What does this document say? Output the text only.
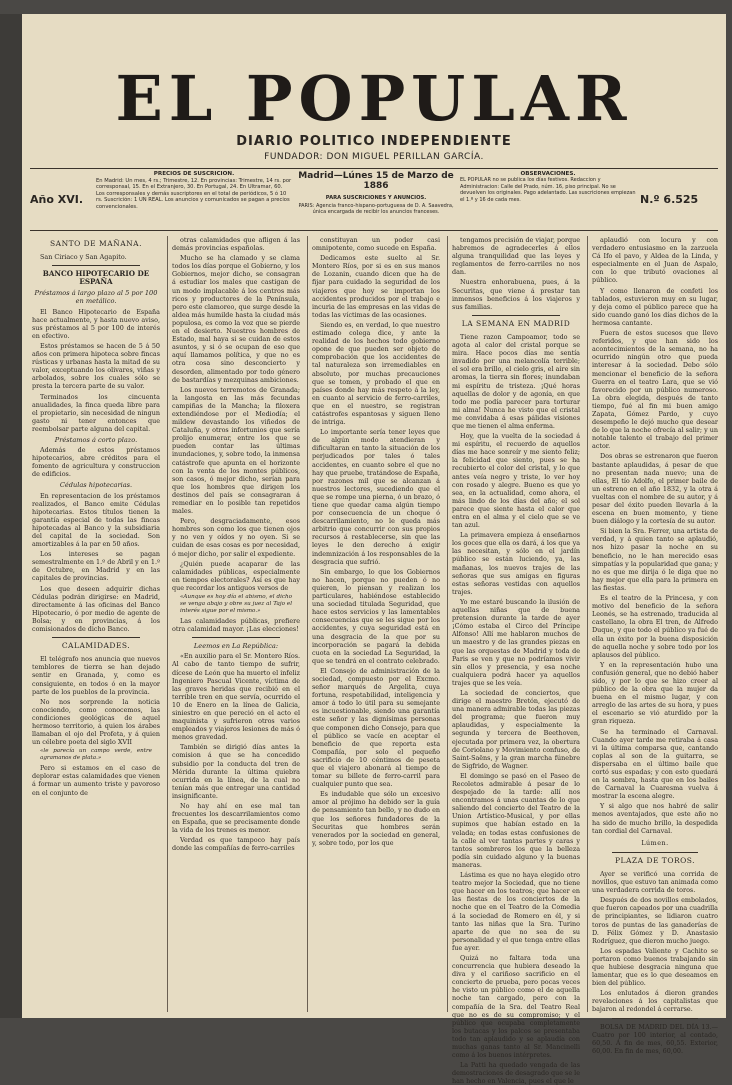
EL POPULAR
DIARIO POLITICO INDEPENDIENTE
FUNDADOR: DON MIGUEL PERILLAN GARCÍA.
Año XVI.
PRECIOS DE SUSCRICION.
En Madrid: Un mes, 4 rs.; Trimestre, 12. En provincias: Trimestre, 14 rs. por corresponsal, 15. En el Extranjero, 30. En Portugal, 24. En Ultramar, 60. Los corresponsales y demás suscriptores en el total de periódicos, 5 ó 10 rs. Suscrición: 1 UN REAL. Los anuncios y comunicados se pagan a precios convencionales.
Madrid—Lúnes 15 de Marzo de 1886
PARA SUSCRICIONES Y ANUNCIOS.
PARIS: Agencia franco-hispano-portuguesa de D. A. Saavedra, única encargada de recibir los anuncios franceses.
OBSERVACIONES.
EL POPULAR no se publica los días festivos. Redaccion y Administracion: Calle del Prado, núm. 16, piso principal. No se devuelven los originales. Pago adelantado. Las suscriciones empiezan el 1.º y 16 de cada mes.	N.º 6.525
SANTO DE MAÑANA.

San Ciriaco y San Agapito.

BANCO HIPOTECARIO DE ESPAÑA
Préstamos á largo plazo al 5 por 100 en metálico.

El Banco Hipotecario de España hace actualmente, y hasta nuevo aviso, sus préstamos al 5 por 100 de interés en efectivo.

Estos préstamos se hacen de 5 á 50 años con primera hipoteca sobre fincas rústicas y urbanas hasta la mitad de su valor, exceptuando los olivares, viñas y arbolados, sobre los cuales sólo se presta la tercera parte de su valor.

Terminados los cincuenta anualidades, la finca queda libre para el propietario, sin necesidad de ningun gasto ni tener entonces que reembolsar parte alguna del capital.

Préstamos á corto plazo.

Además de estos préstamos hipotecarios, abre créditos para el fomento de agricultura y construccion de edificios.

Cédulas hipotecarias.

En representacion de los préstamos realizados, el Banco emite Cédulas hipotecarias. Estos títulos tienen la garantía especial de todas las fincas hipotecadas al Banco y la subsidiaria del capital de la sociedad. Son amortizables á la par en 50 años.

Los intereses se pagan semestralmente en 1.º de Abril y en 1.º de Octubre, en Madrid y en las capitales de provincias.

Los que deseen adquirir dichas Cédulas podrán dirigirse: en Madrid, directamente á las oficinas del Banco Hipotecario, ó por medio de agente de Bolsa; y en provincias, á los comisionados de dicho Banco.

CALAMIDADES.

El telégrafo nos anuncia que nuevos temblores de tierra se han dejado sentir en Granada, y, como es consiguiente, en todos ó en la mayor parte de los pueblos de la provincia.

No nos sorprende la noticia conociendo, como conocemos, las condiciones geológicas de aquel hermoso territorio, á quien los árabes llamaban el ojo del Profeta, y á quien un célebre poeta del siglo XVII

«le parecía un campo verde, entre agramanos de plata.»

Pero si estamos en el caso de deplorar estas calamidades que vienen á formar un aumento triste y pavoroso en el conjunto de

otras calamidades que afligen á las demás provincias españolas.

Mucho se ha clamado y se clama todos los días porque el Gobierno, y los Gobiernos, mejor dicho, se consagran á estudiar los males que castigan de un modo implacable á los centros más ricos y productores de la Península, pero este clamoreo, que surge desde la aldea más humilde hasta la ciudad más populosa, es como la voz que se pierde en el desierto. Nuestros hombres de Estado, mal haya si se cuidan de estos asuntos, y si ó se ocupan de eso que aquí llamamos política, y que no es otra cosa sino desconcierto y desorden, alimentado por todo género de bastardías y mezquinas ambiciones.

Los nuevos terremotos de Granada; la langosta en las más fecundas campiñas de la Mancha; la filoxera extendiéndose por el Mediodía; el mildew devastando los viñedos de Cataluña, y otros infortunios que sería prolijo enumerar, entre los que se pueden contar las últimas inundaciones, y, sobre todo, la inmensa catástrofe que apunta en el horizonte con la venta de los montes públicos, son casos, ó mejor dicho, serían para que los hombres que dirigen los destinos del país se consagraran á remediar en lo posible tan repetidos males.

Pero, desgraciadamente, esos hombres son como los que tienen ojos y no ven y oídos y no oyen. Si se cuidan de esas cosas es por necesidad, ó mejor dicho, por salir el expediente.

¿Quién puede acaparar de las calamidades públicas, especialmente en tiempos electorales? Así es que hay que recordar los antiguos versos de

«Aunque es hoy día el abismo, el dicho se venga abajo y obre su juez al Tajo el interés sigue por el mismo.»

Las calamidades públicas, prefiere otra calamidad mayor. ¡Las elecciones!

Leemos en La República:

«En auxilio para el Sr. Montero Ríos. Al cabo de tanto tiempo de sufrir, dícese de León que ha muerto el infeliz Ingeniero Pascual Vicente, víctima de las graves heridas que recibió en el terrible tren en que servía, ocurrido el 10 de Enero en la línea de Galicia, siniestro en que pereció en el acto el maquinista y sufrieron otros varios empleados y viajeros lesiones de más ó menos gravedad.

También se dirigió días antes la comision á que se ha concedido subsidio por la conducta del tren de Mérida durante la última quiebra ocurrida en la línea, de la cual no tenían más que entregar una cantidad insignificante.

No hay ahí en ese mal tan frecuentes los descarrilamientos como en España, que se precisamente donde la vida de los trenes es menor.

Verdad es que tampoco hay país donde las compañías de ferro-carriles

constituyan un poder casi omnipotente, como sucede en España.

Dedicamos este suelto al Sr. Montero Ríos, por si es en sus manos de Lozanin, cuando dicen que ha de fijar para cuidado la seguridad de los viajeros que hoy se importan los accidentes producidos por el trabajo e incuria de las empresas en las vidas de todas las víctimas de las ocasiones.

Siendo es, en verdad, lo que nuestro estimado colega dice, y ante la realidad de los hechos todo gobierno opone de que pueden ser objeto de comprobación que los accidentes de tal naturaleza son irremediables en absoluto, por muchas precauciones que se tomen, y probado el que en países donde hay más respeto á la ley, en cuanto al servicio de ferro-carriles, que en el nuestro, se registran catástrofes espantosas y siguen lleno de intriga.

Lo importante sería tener leyes que de algún modo atendieran y dificultaran en tanto la situación de los perjudicados por tales ó tales accidentes, en cuanto sobre el que no hay que pruebe, tratándose de España, por razones mil que se alcanzan á nuestros lectores, sucediendo que el que se rompe una pierna, ó un brazo, ó tiene que quedar cama algún tiempo por consecuencia de un choque ó descarrilamiento, no le queda más arbitrio que concurrir con sus propios recursos á restablecerse, sin que las leyes le den derecho á exigir indemnización á los responsables de la desgracia que sufrió.

Sin embargo, lo que los Gobiernos no hacen, porque no pueden ó no quieren, lo piensan y realizan los particulares, habiéndose establecido una sociedad titulada Seguridad, que hace estos servicios y las lamentables consecuencias que se les sigue por los accidentes, y cuya seguridad está en una desgracia de la que por su incorporación se pagará la debida cuota en la sociedad La Seguridad, la que se tendrá en el contrato celebrado.

El Consejo de administración de la sociedad, compuesto por el Excmo. señor marqués de Argelita, cuya fortuna, respetabilidad, inteligencia y amor á todo lo útil para su semejante es incuestionable, siendo una garantía este señor y las dignísimas personas que componen dicho Consejo, para que el público se vacíe en aceptar el beneficio de que reporta esta Compañía, por solo el pequeño sacrificio de 10 céntimos de peseta que el viajero abonará al tiempo de tomar su billete de ferro-carril para cualquier punto que sea.

Es indudable que sólo un excesivo amor al prójimo ha debido ser la guía de pensamiento tan bello, y no dudo en que los señores fundadores de la Securitas que hombres serán venerados por la sociedad en general, y, sobre todo, por los que

tengamos precisión de viajar, porque habremos de agradecerles á ellos alguna tranquilidad que las leyes y reglamentos de ferro-carriles no nos dan.

Nuestra enhorabuena, pues, á la Securitas, que viene á prestar tan inmensos beneficios á los viajeros y sus familias.

LA SEMANA EN MADRID

Tiene razon Campoamor, todo se agota al calor del cristal porque se mira. Hace pocos días me sentía invadido por una melancolía terrible; el sol era brillo, el cielo gris, el aire sin aromas, la tierra sin flores; inundaban mi espíritu de tristeza. ¡Qué horas aquellas de dolor y de agonía, en que todo me podía parecer para torturar mi alma! Nunca he visto que el cristal me convidaba á esas pálidas visiones que me tienen el alma enferma.

Hoy, que la vuelta de la sociedad á mi espíritu, el recuerdo de aquellos días me hace sonreír y me siento feliz; la felicidad que siento, pues se ha recubierto el color del cristal, y lo que antes veía negro y triste, lo ver hoy con rosado y alegre. Bueno es que yo sea, en la actualidad, como ahora, el más lindo de los días del año; el sol parece que siente hasta el calor que entra en el alma y el cielo que se ve tan azul.

La primavera empieza á enseñarnos los goces que ella os dará, á los que ya las necesitan, y sólo en el jardín público se están luciendo, ya, las mañanas, los nuevos trajes de las señoras que sus amigas en figuras estas señoras vestidas con aquellos trajes.

Yo me estaré buscando la ilusión de aquellas niñas que de buena pretension durante la tarde de ayer ¡Cómo estaba el Circo del Príncipe Alfonso! Allí me hablaron muchos de un maestro y de las grandes piezas en que las orquestas de Madrid y toda de Paris se ven y que no podríamos vivir sin ellos y presencia, y esa noche cualquiera podrá hacer ya aquellos trajes que se les veía.

La sociedad de conciertos, que dirige el maestro Bretón, ejecutó de una manera admirable todas las piezas del programa; que fueron muy aplaudidas, y especialmente la segunda y tercera de Beethoven, ejecutada por primera vez, la obertura de Coriolano y Movimiento confuso, de Saint-Saëns, y la gran marcha fúnebre de Sigfrido, de Wagner.

El domingo se pasó en el Paseo de Recoletos admirable á pesar de lo despejado de la tarde: allí nos encontramos á unas cuantas de lo que saliendo del concierto del Teatro de la Union Artístico-Musical, y por ellas supimos que habían estado en la velada; en todas estas confusiones de la calle al ver tantas partes y caras y tantos sombreros los que la belleza podía sin cuidado alguno y la buenas maneras.

Lástima es que no haya elegido otro teatro mejor la Sociedad, que no tiene que hacer en los teatros; que hacer en las fiestas de los conciertos de la noche que en el Teatro de la Comedia á la sociedad de Romero en él, y si tanto las niñas que la Sra. Turino aparte de que no sea de su personalidad y el que tenga entre ellas fue ayer.

Quizá no faltara toda una concurrencia que hubiera deseado la diva y el cariñoso sacrificio en el concierto de prueba, pero pocas veces he visto un público como el de aquella noche tan cargado, pero con la compañía de la Sra. del Teatro Real que no es de su compromiso; y el público que ocupaba completamente los butacas y los palcos se presentaba todo tan aplaudido y se aplaudía con muchas ganas tanto al Sr. Mancinelli como á los buenos intérpretes.

La Patti ha quedado vengada de las demostraciones de desagrado que se le han hecho en Valencia, pues el que le

aplaudió con locura y con verdadero entusiasmo en la zarzuela Cá Ifo el pavo, y Aldea de la Linda, y especialmente en el Juan de Aspalo, con lo que tributó ovaciones al público.

Y como llenaron de confeti los tablados, estuvieron muy en su lugar, y deja como el público parece que ha sido cuando ganó los días dichos de la hermosa cantante.

Fuera de estos sucesos que llevo referidos, y que han sido los acontecimientos de la semana, no ha ocurrido ningún otro que pueda interesar á la sociedad. Debo sólo mencionar el beneficio de la señora Guerra en el teatro Lara, que se vió favorecido por un público numeroso. La obra elegida, después de tanto tiempo, fué al fin mi buen amigo Zapata, Gómez Pardo, y cuyo desempeño le dejó mucho que desear de lo que la noche ofrecía al salir; y un notable talento el trabajo del primer actor.

Dos obras se estrenaron que fueron bastante aplaudidas, á pesar de que no presentan nada nuevo; una de ellas, El tío Adolfo, el primer baile de un estreno en el año 1832, y la otra á vueltas con el nombre de su autor, y á pesar del éxito pueden llevarla á la escena en buen momento, y tiene buen diálogo y la cortesía de su autor.

Si bien la Sra. Ferrer, una artista de verdad, y á quien tanto se aplaudió, nos hizo pasar la noche en su beneficio, no le han merecido esas simpatías y la popularidad que gana; y no es que me dirija ó le diga que no hay mejor que ella para la primera en las fiestas.

Es el teatro de la Princesa, y con motivo del beneficio de la señora Leonés, se ha estrenado, traducida al castellano, la obra El tren, de Alfredo Duque, y que todo el público ya fué de ella un éxito por la buena disposición de aquella noche y sobre todo por los aplausos del público.

Y en la representación hubo una confusión general, que no debió haber sido, y por lo que se hizo creer al público de la obra que la mujer da buena en el mismo lugar, y con arreglo de las artes de su hora, y pues el escenario se vió aturdido por la gran riqueza.

Se ha terminado el Carnaval. Cuando ayer tarde me retiraba á casa vi la última comparsa que, cantando coplas al son de la guitarra, se dispersaba en el último baile que cortó sus espadas; y con esto quedará en la sombra, hasta que en los bailes de Carnaval la Cuaresma vuelva á mostrar la escena alegre.

Y si algo que nos habré de salir menos aventajados, que este año no ha sido de mucho brillo, la despedida tan cordial del Carnaval.

Lúmen.
PLAZA DE TOROS.

Ayer se verificó una corrida de novillos, que estuvo tan animada como una verdadera corrida de toros.

Después de dos novillos embolados, que fueron capeados por una cuadrilla de principiantes, se lidiaron cuatro toros de puntas de las ganaderías de D. Félix Gómez y D. Anastasio Rodríguez, que dieron mucho juego.

Los espadas Valiente y Cachito se portaron como buenos trabajando sin que hubiese desgracia ninguna que lamentar, que es lo que deseamos en bien del público.

Los enlutados á dieron grandes revelaciones á los capitalistas que bajaron al redondel á cerrarse.

BOLSA DE MADRID DEL DÍA 13.—Cuatro por 100 interior, al contado, 60,50. Á fin de mes, 60,55. Exterior, 60,00. En fin de mes, 60,00.
